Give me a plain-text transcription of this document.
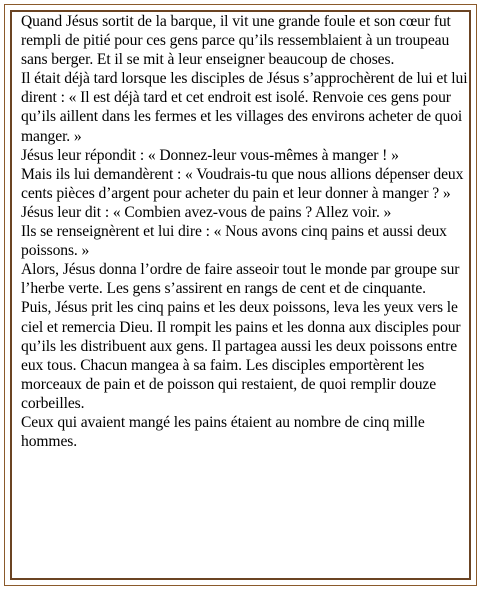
Quand Jésus sortit de la barque, il vit une grande foule et son cœur fut rempli de pitié pour ces gens parce qu’ils ressemblaient à un troupeau sans berger. Et il se mit à leur enseigner beaucoup de choses.

Il était déjà tard lorsque les disciples de Jésus s’approchèrent de lui et lui dirent : « Il est déjà tard et cet endroit est isolé. Renvoie ces gens pour qu’ils aillent dans les fermes et les villages des environs acheter de quoi manger. »

Jésus leur répondit : « Donnez-leur vous-mêmes à manger ! »

Mais ils lui demandèrent : « Voudrais-tu que nous allions dépenser deux cents pièces d’argent pour acheter du pain et leur donner à manger ? »

Jésus leur dit : « Combien avez-vous de pains ? Allez voir. »

Ils se renseignèrent et lui dire : « Nous avons cinq pains et aussi deux poissons. »

Alors, Jésus donna l’ordre de faire asseoir tout le monde par groupe sur l’herbe verte. Les gens s’assirent en rangs de cent et de cinquante.

Puis, Jésus prit les cinq pains et les deux poissons, leva les yeux vers le ciel et remercia Dieu. Il rompit les pains et les donna aux disciples pour qu’ils les distribuent aux gens. Il partagea aussi les deux poissons entre eux tous. Chacun mangea à sa faim. Les disciples emportèrent les morceaux de pain et de poisson qui restaient, de quoi remplir douze corbeilles.

Ceux qui avaient mangé les pains étaient au nombre de cinq mille hommes.
